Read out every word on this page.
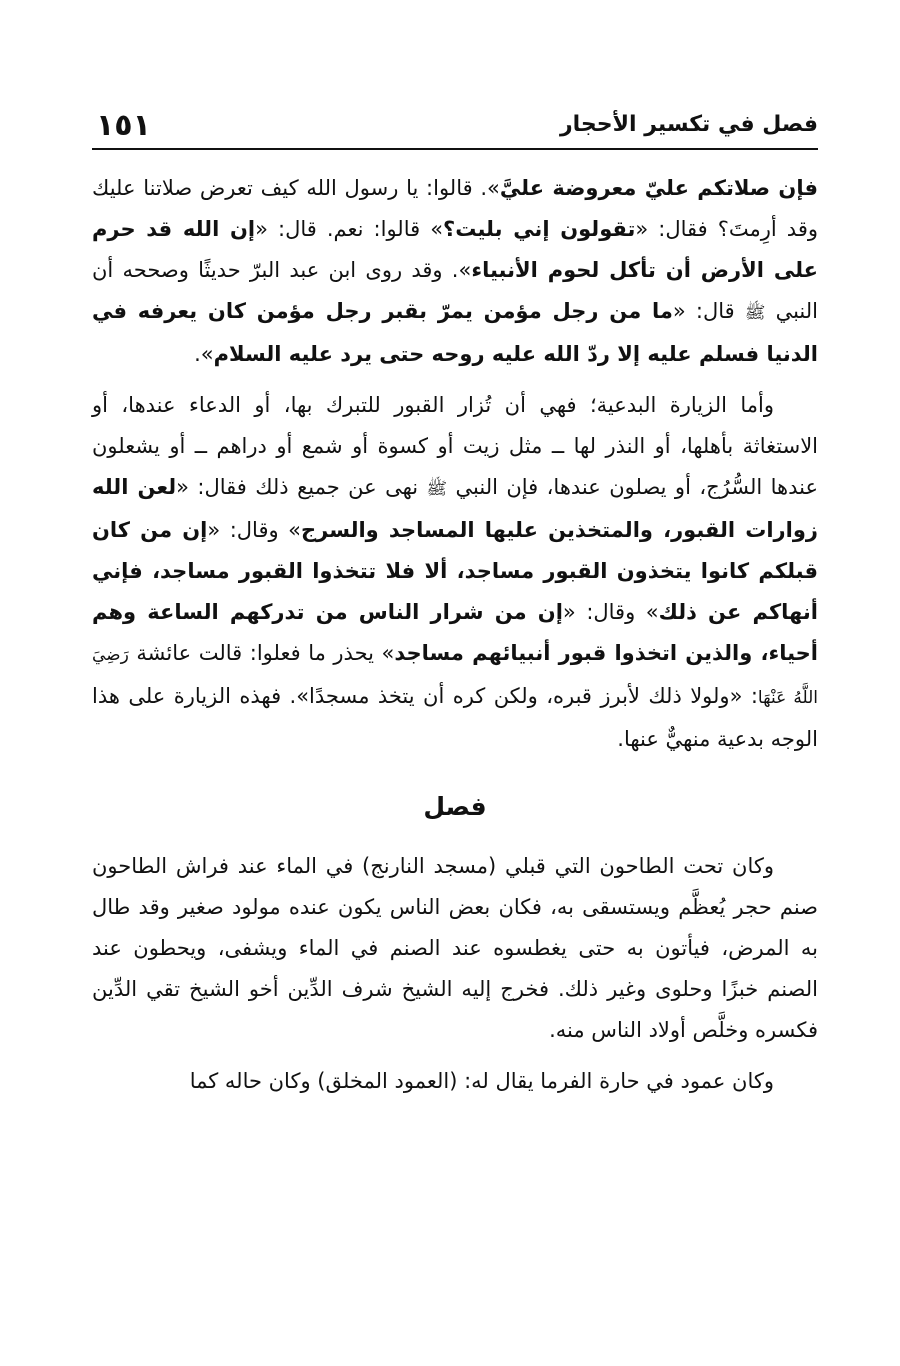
فصل في تكسير الأحجار

١٥١

فإن صلاتكم عليّ معروضة عليَّ». قالوا: يا رسول الله كيف تعرض صلاتنا عليك وقد أرِمتَ؟ فقال: «تقولون إني بليت؟» قالوا: نعم. قال: «إن الله قد حرم على الأرض أن تأكل لحوم الأنبياء». وقد روى ابن عبد البرّ حديثًا وصححه أن النبي ﷺ قال: «ما من رجل مؤمن يمرّ بقبر رجل مؤمن كان يعرفه في الدنيا فسلم عليه إلا ردّ الله عليه روحه حتى يرد عليه السلام».

وأما الزيارة البدعية؛ فهي أن تُزار القبور للتبرك بها، أو الدعاء عندها، أو الاستغاثة بأهلها، أو النذر لها ــ مثل زيت أو كسوة أو شمع أو دراهم ــ أو يشعلون عندها السُّرُج، أو يصلون عندها، فإن النبي ﷺ نهى عن جميع ذلك فقال: «لعن الله زوارات القبور، والمتخذين عليها المساجد والسرج» وقال: «إن من كان قبلكم كانوا يتخذون القبور مساجد، ألا فلا تتخذوا القبور مساجد، فإني أنهاكم عن ذلك» وقال: «إن من شرار الناس من تدركهم الساعة وهم أحياء، والذين اتخذوا قبور أنبيائهم مساجد» يحذر ما فعلوا: قالت عائشة رَضِيَ اللَّهُ عَنْهَا: «ولولا ذلك لأبرز قبره، ولكن كره أن يتخذ مسجدًا». فهذه الزيارة على هذا الوجه بدعية منهيٌّ عنها.

فصل

وكان تحت الطاحون التي قبلي (مسجد النارنج) في الماء عند فراش الطاحون صنم حجر يُعظَّم ويستسقى به، فكان بعض الناس يكون عنده مولود صغير وقد طال به المرض، فيأتون به حتى يغطسوه عند الصنم في الماء ويشفى، ويحطون عند الصنم خبزًا وحلوى وغير ذلك. فخرج إليه الشيخ شرف الدِّين أخو الشيخ تقي الدِّين فكسره وخلَّص أولاد الناس منه.

وكان عمود في حارة الفرما يقال له: (العمود المخلق) وكان حاله كما
